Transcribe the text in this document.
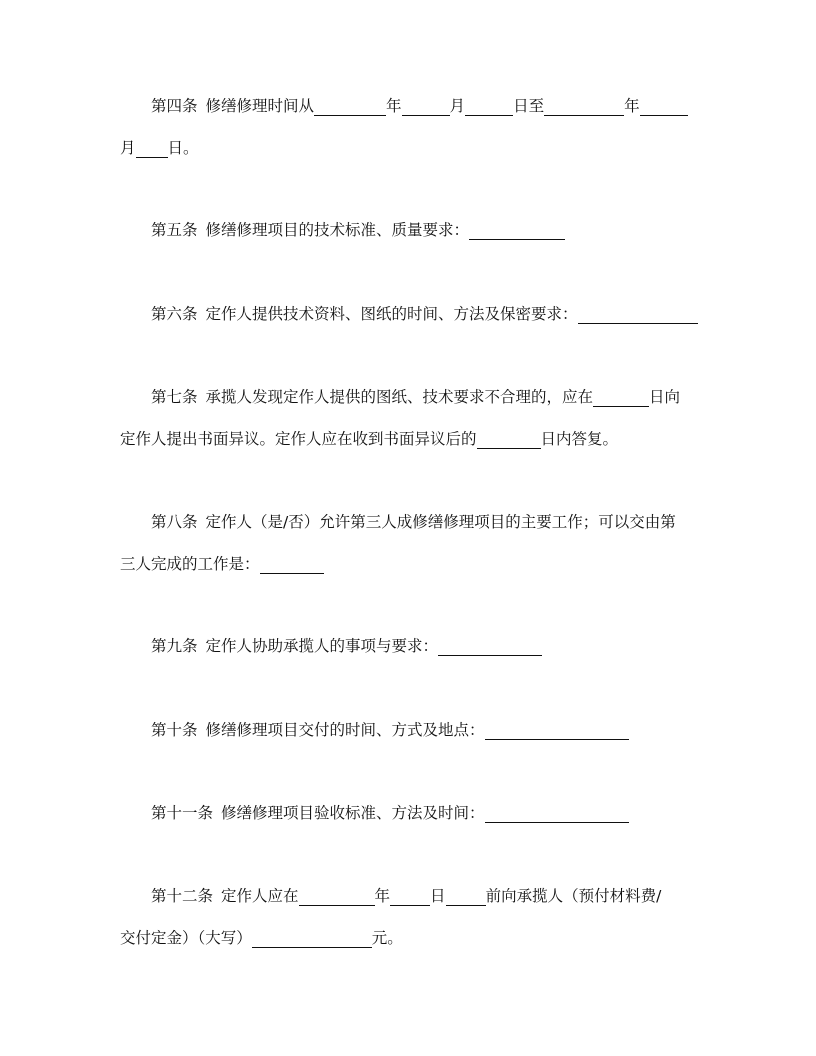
第四条 修缮修理时间从	年	月	日至	年
月 日。
第五条 修缮修理项目的技术标准、质量要求：
第六条 定作人提供技术资料、图纸的时间、方法及保密要求：
第七条 承揽人发现定作人提供的图纸、技术要求不合理的，应在	日向
定作人提出书面异议。定作人应在收到书面异议后的	日内答复。
第八条 定作人（是/否）允许第三人成修缮修理项目的主要工作；可以交由第
三人完成的工作是：
第九条 定作人协助承揽人的事项与要求：
第十条 修缮修理项目交付的时间、方式及地点：
第十一条 修缮修理项目验收标准、方法及时间：
第十二条 定作人应在	年	日	前向承揽人（预付材料费/
交付定金）（大写）	元。
